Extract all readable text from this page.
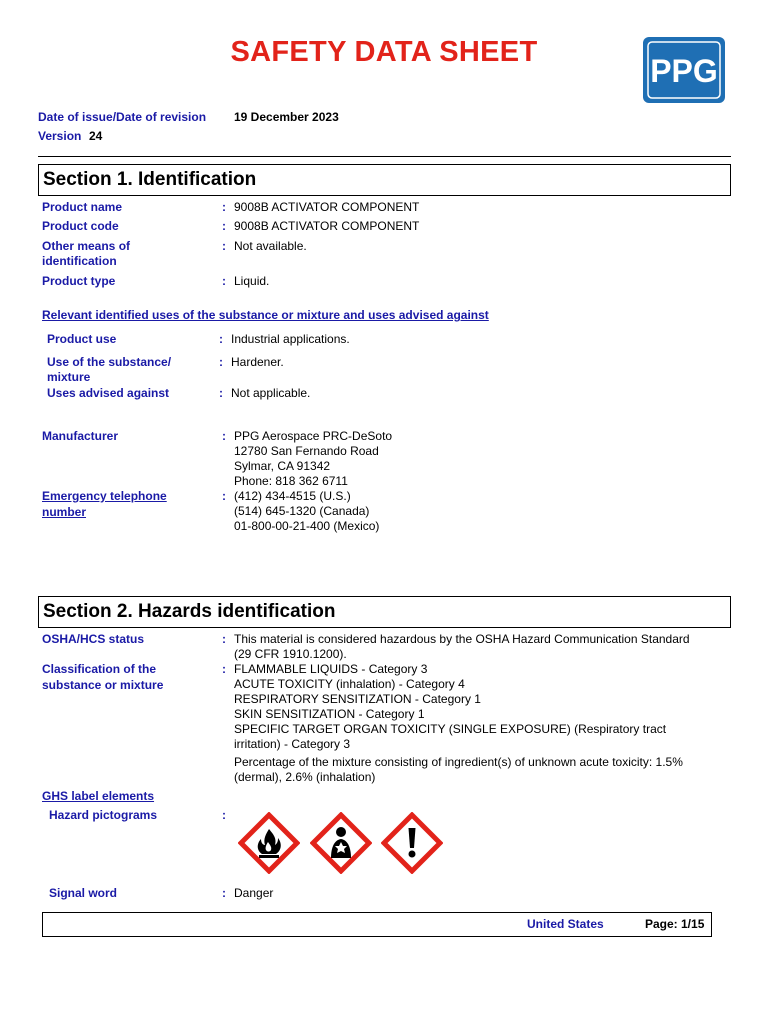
SAFETY DATA SHEET
PPG
Date of issue/Date of revision 19 December 2023
Version 24
Section 1. Identification
Product name	: 9008B ACTIVATOR COMPONENT
Product code	: 9008B ACTIVATOR COMPONENT
Other means of
identification
: Not available.
Product type	: Liquid.
Relevant identified uses of the substance or mixture and uses advised against
Product use	: Industrial applications.
Use of the substance/
mixture
: Hardener.
Uses advised against	: Not applicable.
Manufacturer	: PPG Aerospace PRC-DeSoto
12780 San Fernando Road
Sylmar, CA 91342
Phone: 818 362 6711
Emergency telephone
number
: (412) 434-4515 (U.S.)
(514) 645-1320 (Canada)
01-800-00-21-400 (Mexico)
Section 2. Hazards identification
OSHA/HCS status	: This material is considered hazardous by the OSHA Hazard Communication Standard
(29 CFR 1910.1200).
Classification of the
substance or mixture
: FLAMMABLE LIQUIDS - Category 3
ACUTE TOXICITY (inhalation) - Category 4
RESPIRATORY SENSITIZATION - Category 1
SKIN SENSITIZATION - Category 1
SPECIFIC TARGET ORGAN TOXICITY (SINGLE EXPOSURE) (Respiratory tract
irritation) - Category 3
Percentage of the mixture consisting of ingredient(s) of unknown acute toxicity: 1.5%
(dermal), 2.6% (inhalation)
GHS label elements
Hazard pictograms	:
Signal word	: Danger
United States	Page: 1/15
